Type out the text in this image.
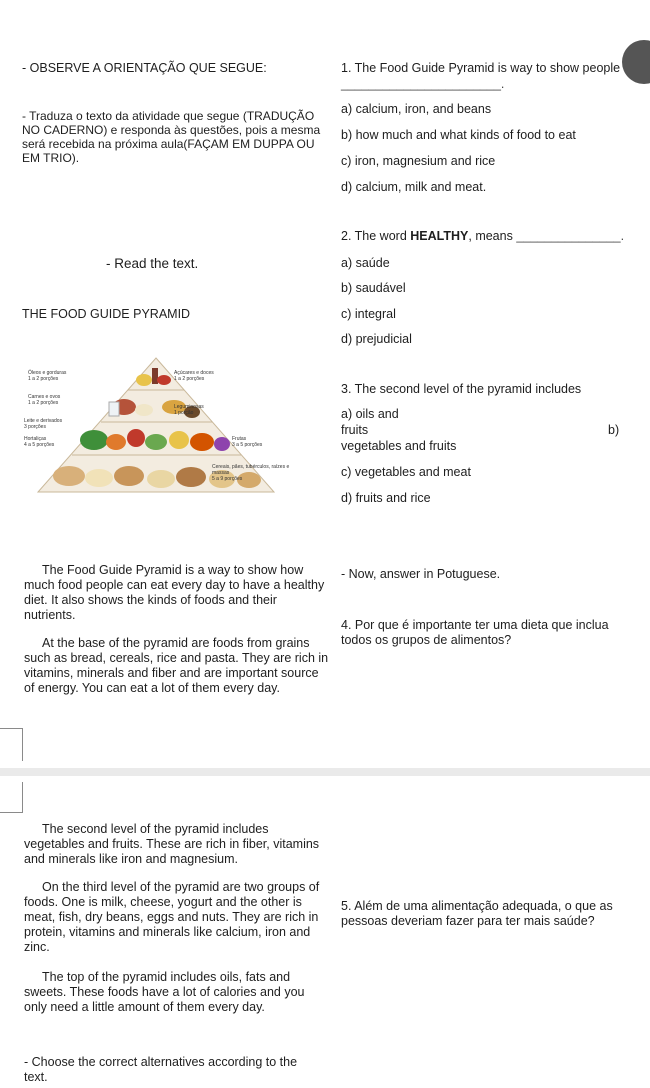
- OBSERVE A ORIENTAÇÃO QUE SEGUE:
- Traduza o texto da atividade que segue (TRADUÇÃO NO CADERNO) e responda às questões, pois a mesma será recebida na próxima aula(FAÇAM EM DUPPA OU EM TRIO).
- Read the text.
THE FOOD GUIDE PYRAMID
Óleos e gorduras
1 a 2 porções
Açúcares e doces
1 a 2 porções
Carnes e ovos
1 a 2 porções
Leguminosas
1 porção
Leite e derivados
3 porções
Hortaliças
4 a 5 porções
Frutas
3 a 5 porções
Cereais, pães, tubérculos, raízes e massas
5 a 9 porções
The Food Guide Pyramid is a way to show how much food people can eat every day to have a healthy diet. It also shows the kinds of foods and their nutrients.
At the base of the pyramid are foods from grains such as bread, cereals, rice and pasta. They are rich in vitamins, minerals and fiber and are important source of energy. You can eat a lot of them every day.
The second level of the pyramid includes vegetables and fruits. These are rich in fiber, vitamins and minerals like iron and magnesium.
On the third level of the pyramid are two groups of foods. One is milk, cheese, yogurt and the other is meat, fish, dry beans, eggs and nuts. They are rich in protein, vitamins and minerals like calcium, iron and zinc.
The top of the pyramid includes oils, fats and sweets. These foods have a lot of calories and you only need a little amount of them every day.
- Choose the correct alternatives according to the text.
1. The Food Guide Pyramid is way to show people
_______________________.
a) calcium, iron, and beans
b) how much and what kinds of food to eat
c) iron, magnesium and rice
d) calcium, milk and meat.
2. The word HEALTHY, means _______________.
a) saúde
b) saudável
c) integral
d) prejudicial
3. The second level of the pyramid includes
a) oils and
fruits	b)
vegetables and fruits
c) vegetables and meat
d) fruits and rice
- Now, answer in Potuguese.
4. Por que é importante ter uma dieta que inclua todos os grupos de alimentos?
5. Além de uma alimentação adequada, o que as pessoas deveriam fazer para ter mais saúde?
